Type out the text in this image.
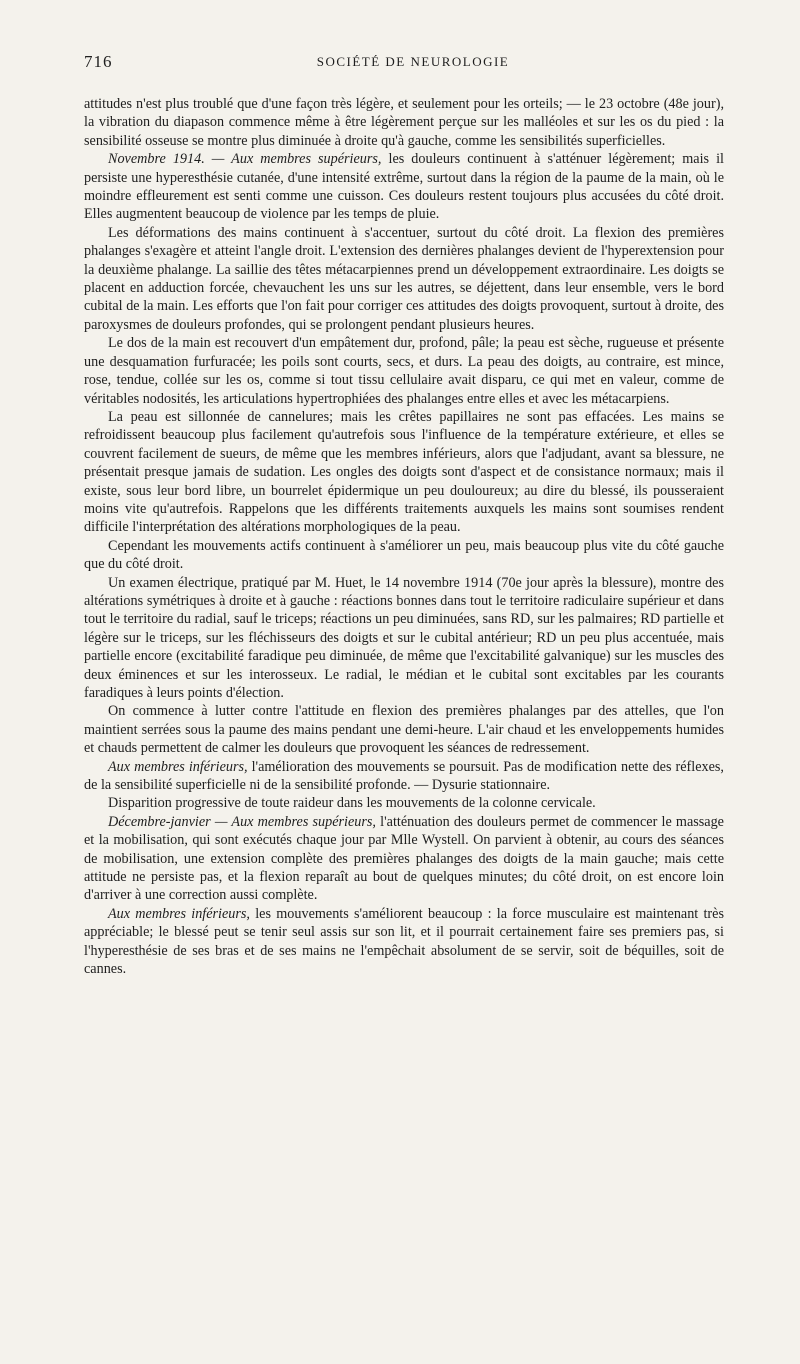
716	SOCIÉTÉ DE NEUROLOGIE

attitudes n'est plus troublé que d'une façon très légère, et seulement pour les orteils; — le 23 octobre (48e jour), la vibration du diapason commence même à être légèrement perçue sur les malléoles et sur les os du pied : la sensibilité osseuse se montre plus diminuée à droite qu'à gauche, comme les sensibilités superficielles.

Novembre 1914. — Aux membres supérieurs, les douleurs continuent à s'atténuer légèrement; mais il persiste une hyperesthésie cutanée, d'une intensité extrême, surtout dans la région de la paume de la main, où le moindre effleurement est senti comme une cuisson. Ces douleurs restent toujours plus accusées du côté droit. Elles augmentent beaucoup de violence par les temps de pluie.

Les déformations des mains continuent à s'accentuer, surtout du côté droit. La flexion des premières phalanges s'exagère et atteint l'angle droit. L'extension des dernières phalanges devient de l'hyperextension pour la deuxième phalange. La saillie des têtes métacarpiennes prend un développement extraordinaire. Les doigts se placent en adduction forcée, chevauchent les uns sur les autres, se déjettent, dans leur ensemble, vers le bord cubital de la main. Les efforts que l'on fait pour corriger ces attitudes des doigts provoquent, surtout à droite, des paroxysmes de douleurs profondes, qui se prolongent pendant plusieurs heures.

Le dos de la main est recouvert d'un empâtement dur, profond, pâle; la peau est sèche, rugueuse et présente une desquamation furfuracée; les poils sont courts, secs, et durs. La peau des doigts, au contraire, est mince, rose, tendue, collée sur les os, comme si tout tissu cellulaire avait disparu, ce qui met en valeur, comme de véritables nodosités, les articulations hypertrophiées des phalanges entre elles et avec les métacarpiens.

La peau est sillonnée de cannelures; mais les crêtes papillaires ne sont pas effacées. Les mains se refroidissent beaucoup plus facilement qu'autrefois sous l'influence de la température extérieure, et elles se couvrent facilement de sueurs, de même que les membres inférieurs, alors que l'adjudant, avant sa blessure, ne présentait presque jamais de sudation. Les ongles des doigts sont d'aspect et de consistance normaux; mais il existe, sous leur bord libre, un bourrelet épidermique un peu douloureux; au dire du blessé, ils pousseraient moins vite qu'autrefois. Rappelons que les différents traitements auxquels les mains sont soumises rendent difficile l'interprétation des altérations morphologiques de la peau.

Cependant les mouvements actifs continuent à s'améliorer un peu, mais beaucoup plus vite du côté gauche que du côté droit.

Un examen électrique, pratiqué par M. Huet, le 14 novembre 1914 (70e jour après la blessure), montre des altérations symétriques à droite et à gauche : réactions bonnes dans tout le territoire radiculaire supérieur et dans tout le territoire du radial, sauf le triceps; réactions un peu diminuées, sans RD, sur les palmaires; RD partielle et légère sur le triceps, sur les fléchisseurs des doigts et sur le cubital antérieur; RD un peu plus accentuée, mais partielle encore (excitabilité faradique peu diminuée, de même que l'excitabilité galvanique) sur les muscles des deux éminences et sur les interosseux. Le radial, le médian et le cubital sont excitables par les courants faradiques à leurs points d'élection.

On commence à lutter contre l'attitude en flexion des premières phalanges par des attelles, que l'on maintient serrées sous la paume des mains pendant une demi-heure. L'air chaud et les enveloppements humides et chauds permettent de calmer les douleurs que provoquent les séances de redressement.

Aux membres inférieurs, l'amélioration des mouvements se poursuit. Pas de modification nette des réflexes, de la sensibilité superficielle ni de la sensibilité profonde. — Dysurie stationnaire.

Disparition progressive de toute raideur dans les mouvements de la colonne cervicale.

Décembre-janvier — Aux membres supérieurs, l'atténuation des douleurs permet de commencer le massage et la mobilisation, qui sont exécutés chaque jour par Mlle Wystell. On parvient à obtenir, au cours des séances de mobilisation, une extension complète des premières phalanges des doigts de la main gauche; mais cette attitude ne persiste pas, et la flexion reparaît au bout de quelques minutes; du côté droit, on est encore loin d'arriver à une correction aussi complète.

Aux membres inférieurs, les mouvements s'améliorent beaucoup : la force musculaire est maintenant très appréciable; le blessé peut se tenir seul assis sur son lit, et il pourrait certainement faire ses premiers pas, si l'hyperesthésie de ses bras et de ses mains ne l'empêchait absolument de se servir, soit de béquilles, soit de cannes.
